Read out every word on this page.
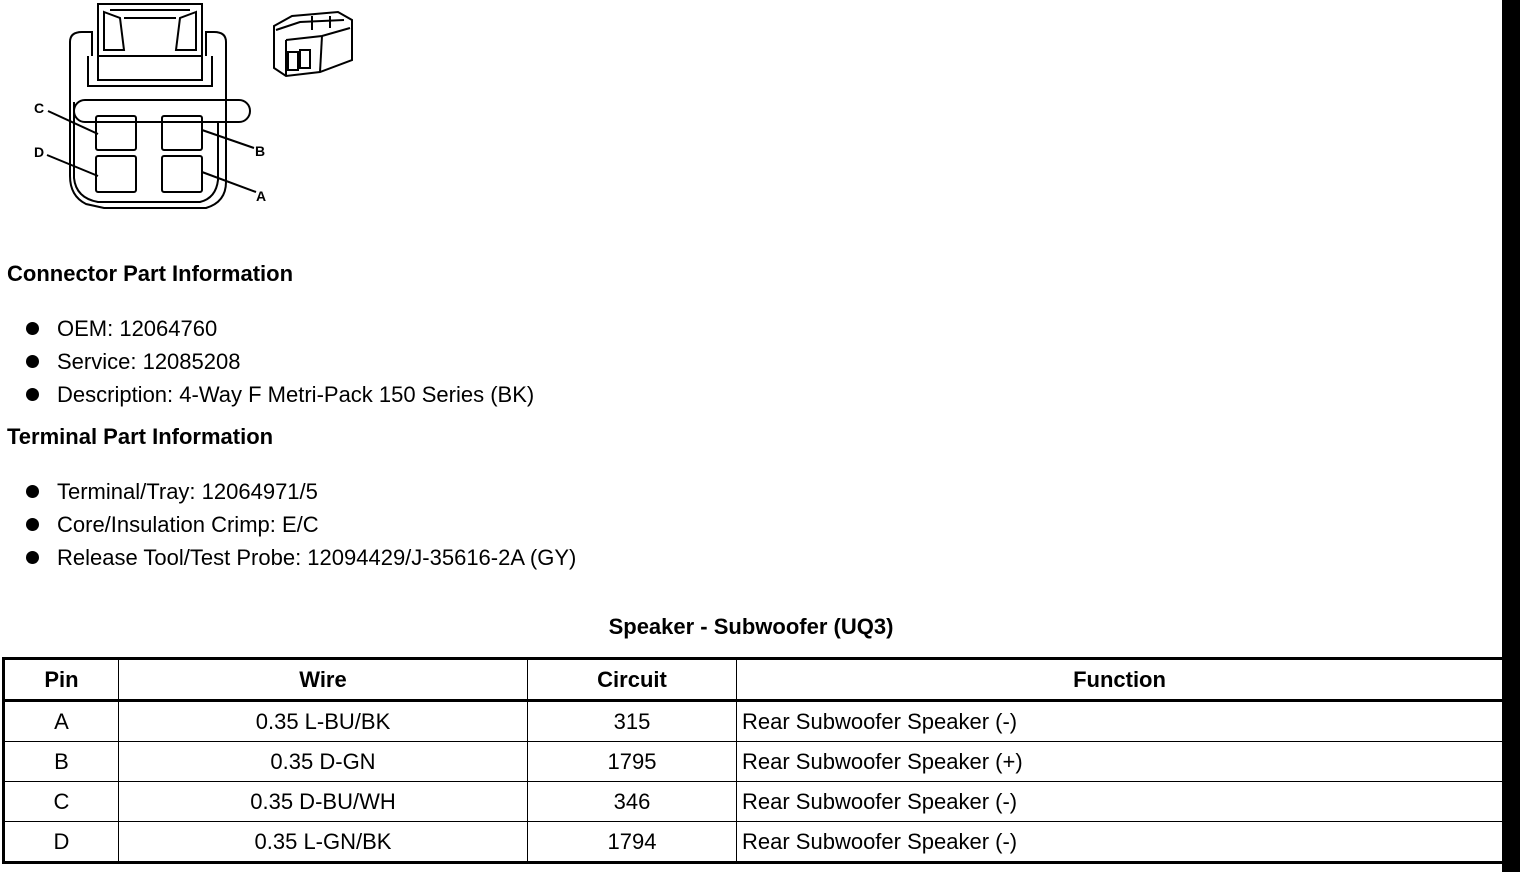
C
D	B
A
Connector Part Information
OEM: 12064760
Service: 12085208
Description: 4-Way F Metri-Pack 150 Series (BK)
Terminal Part Information
Terminal/Tray: 12064971/5
Core/Insulation Crimp: E/C
Release Tool/Test Probe: 12094429/J-35616-2A (GY)
Speaker - Subwoofer (UQ3)
Pin	Wire	Circuit	Function
A	0.35 L-BU/BK	315	Rear Subwoofer Speaker (-)
B	0.35 D-GN	1795	Rear Subwoofer Speaker (+)
C	0.35 D-BU/WH	346	Rear Subwoofer Speaker (-)
D	0.35 L-GN/BK	1794	Rear Subwoofer Speaker (-)
